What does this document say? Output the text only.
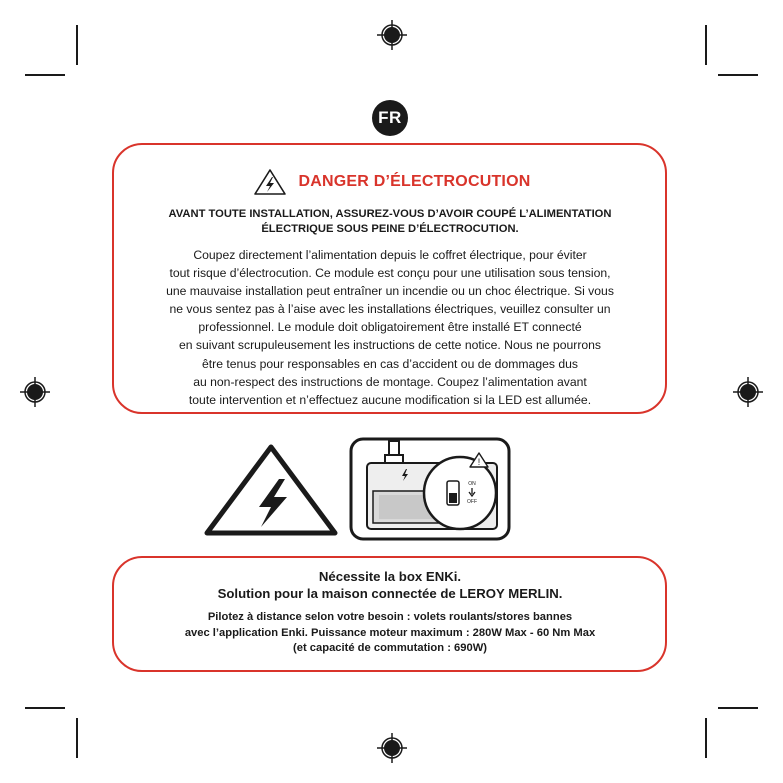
FR
DANGER D’ÉLECTROCUTION
AVANT TOUTE INSTALLATION, ASSUREZ-VOUS D’AVOIR COUPÉ L’ALIMENTATION
ÉLECTRIQUE SOUS PEINE D’ÉLECTROCUTION.
Coupez directement l’alimentation depuis le coffret électrique, pour éviter
tout risque d’électrocution. Ce module est conçu pour une utilisation sous tension,
une mauvaise installation peut entraîner un incendie ou un choc électrique. Si vous
ne vous sentez pas à l’aise avec les installations électriques, veuillez consulter un
professionnel. Le module doit obligatoirement être installé ET connecté
en suivant scrupuleusement les instructions de cette notice. Nous ne pourrons
être tenus pour responsables en cas d’accident ou de dommages dus
au non-respect des instructions de montage. Coupez l’alimentation avant
toute intervention et n’effectuez aucune modification si la LED est allumée.
!
ON
OFF
Nécessite la box ENKi.
Solution pour la maison connectée de LEROY MERLIN.
Pilotez à distance selon votre besoin : volets roulants/stores bannes
avec l’application Enki. Puissance moteur maximum : 280W Max - 60 Nm Max
(et capacité de commutation : 690W)
